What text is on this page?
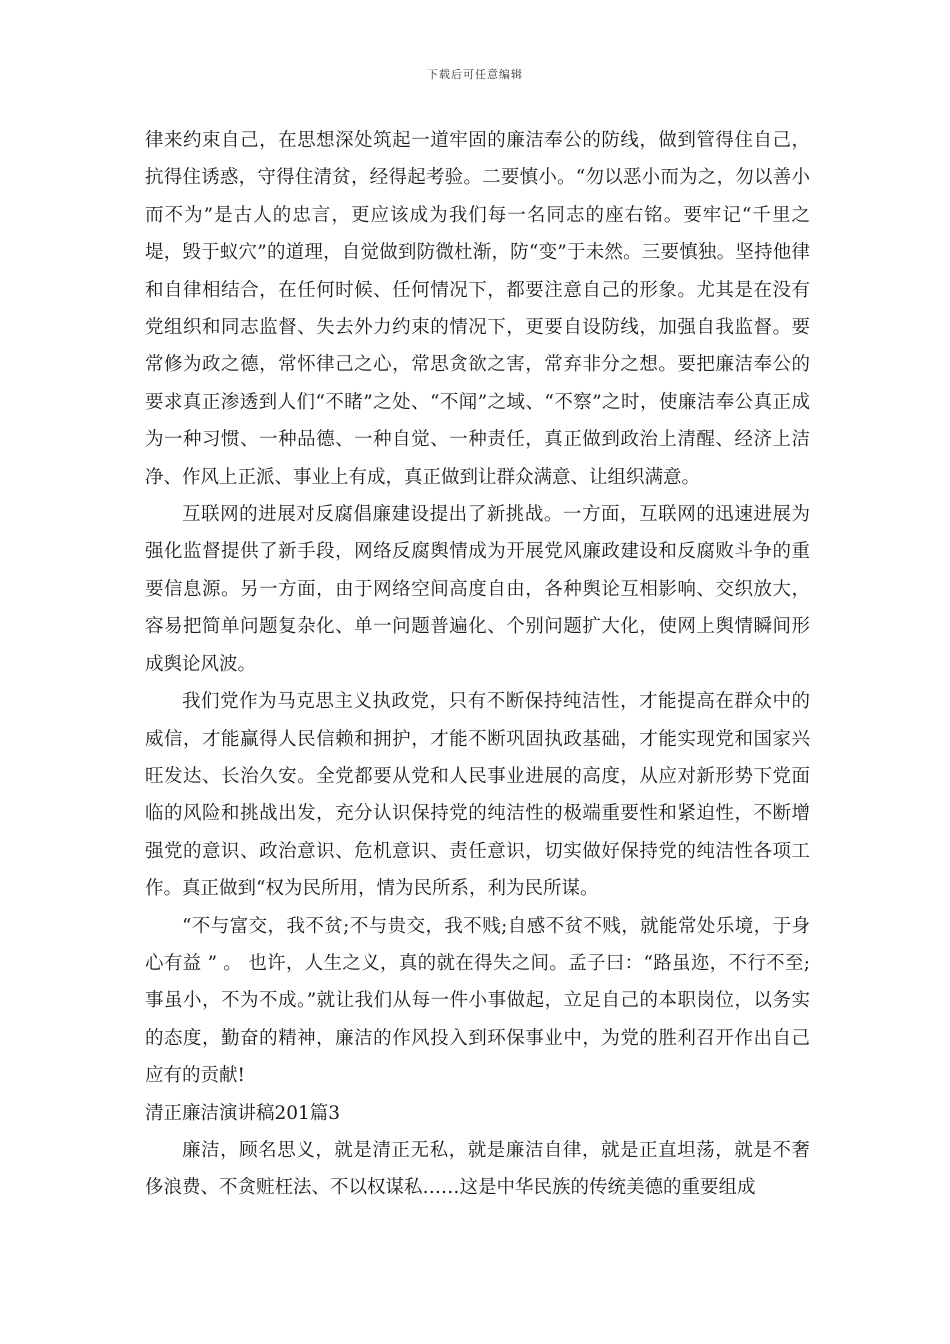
下载后可任意编辑

律来约束自己，在思想深处筑起一道牢固的廉洁奉公的防线，做到管得住自己，抗得住诱惑，守得住清贫，经得起考验。二要慎小。“勿以恶小而为之，勿以善小而不为”是古人的忠言，更应该成为我们每一名同志的座右铭。要牢记“千里之堤，毁于蚁穴”的道理，自觉做到防微杜渐，防“变”于未然。三要慎独。坚持他律和自律相结合，在任何时候、任何情况下，都要注意自己的形象。尤其是在没有党组织和同志监督、失去外力约束的情况下，更要自设防线，加强自我监督。要常修为政之德，常怀律己之心，常思贪欲之害，常弃非分之想。要把廉洁奉公的要求真正渗透到人们“不睹”之处、“不闻”之域、“不察”之时，使廉洁奉公真正成为一种习惯、一种品德、一种自觉、一种责任，真正做到政治上清醒、经济上洁净、作风上正派、事业上有成，真正做到让群众满意、让组织满意。

互联网的进展对反腐倡廉建设提出了新挑战。一方面，互联网的迅速进展为强化监督提供了新手段，网络反腐舆情成为开展党风廉政建设和反腐败斗争的重要信息源。另一方面，由于网络空间高度自由，各种舆论互相影响、交织放大，容易把简单问题复杂化、单一问题普遍化、个别问题扩大化，使网上舆情瞬间形成舆论风波。

我们党作为马克思主义执政党，只有不断保持纯洁性，才能提高在群众中的威信，才能赢得人民信赖和拥护，才能不断巩固执政基础，才能实现党和国家兴旺发达、长治久安。全党都要从党和人民事业进展的高度，从应对新形势下党面临的风险和挑战出发，充分认识保持党的纯洁性的极端重要性和紧迫性，不断增强党的意识、政治意识、危机意识、责任意识，切实做好保持党的纯洁性各项工作。真正做到“权为民所用，情为民所系，利为民所谋。

“不与富交，我不贫;不与贵交，我不贱;自感不贫不贱，就能常处乐境，于身心有益 ” 。 也许，人生之义，真的就在得失之间。孟子曰：“路虽迩，不行不至;事虽小，不为不成。”就让我们从每一件小事做起，立足自己的本职岗位，以务实的态度，勤奋的精神，廉洁的作风投入到环保事业中，为党的胜利召开作出自己应有的贡献!

清正廉洁演讲稿201篇3

廉洁，顾名思义，就是清正无私，就是廉洁自律，就是正直坦荡，就是不奢侈浪费、不贪赃枉法、不以权谋私……这是中华民族的传统美德的重要组成
